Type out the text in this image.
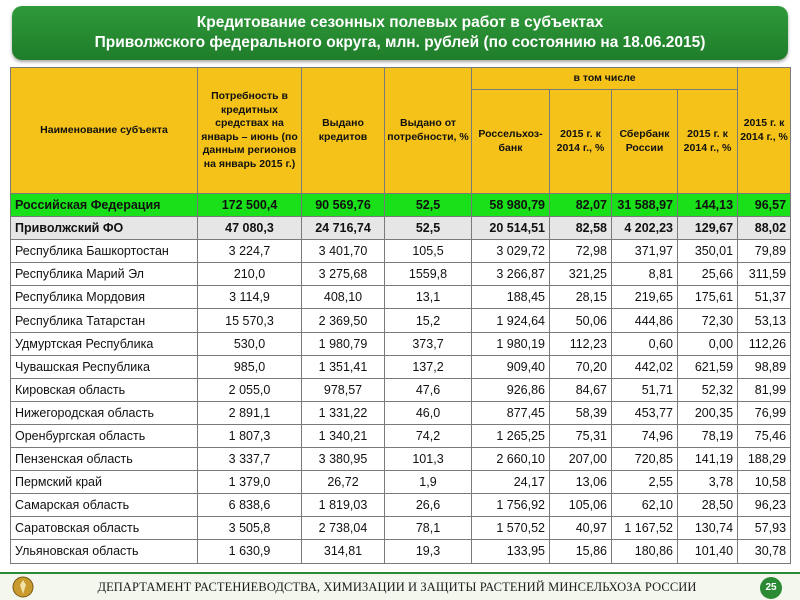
Кредитование сезонных полевых работ в субъектах
Приволжского федерального округа, млн. рублей (по состоянию на 18.06.2015)
Наименование субъекта	Потребность в кредитных средствах на январь – июнь (по данным регионов на январь 2015 г.)	Выдано кредитов	Выдано от потребности, %	в том числе				2015 г. к 2014 г., %
				Россельхоз-банк	2015 г. к 2014 г., %	Сбербанк России	2015 г. к 2014 г., %	
Российская Федерация	172 500,4	90 569,76	52,5	58 980,79	82,07	31 588,97	144,13	96,57
Приволжский ФО	47 080,3	24 716,74	52,5	20 514,51	82,58	4 202,23	129,67	88,02
Республика Башкортостан	3 224,7	3 401,70	105,5	3 029,72	72,98	371,97	350,01	79,89
Республика Марий Эл	210,0	3 275,68	1559,8	3 266,87	321,25	8,81	25,66	311,59
Республика Мордовия	3 114,9	408,10	13,1	188,45	28,15	219,65	175,61	51,37
Республика Татарстан	15 570,3	2 369,50	15,2	1 924,64	50,06	444,86	72,30	53,13
Удмуртская Республика	530,0	1 980,79	373,7	1 980,19	112,23	0,60	0,00	112,26
Чувашская Республика	985,0	1 351,41	137,2	909,40	70,20	442,02	621,59	98,89
Кировская область	2 055,0	978,57	47,6	926,86	84,67	51,71	52,32	81,99
Нижегородская область	2 891,1	1 331,22	46,0	877,45	58,39	453,77	200,35	76,99
Оренбургская область	1 807,3	1 340,21	74,2	1 265,25	75,31	74,96	78,19	75,46
Пензенская область	3 337,7	3 380,95	101,3	2 660,10	207,00	720,85	141,19	188,29
Пермский край	1 379,0	26,72	1,9	24,17	13,06	2,55	3,78	10,58
Самарская область	6 838,6	1 819,03	26,6	1 756,92	105,06	62,10	28,50	96,23
Саратовская область	3 505,8	2 738,04	78,1	1 570,52	40,97	1 167,52	130,74	57,93
Ульяновская область	1 630,9	314,81	19,3	133,95	15,86	180,86	101,40	30,78
ДЕПАРТАМЕНТ РАСТЕНИЕВОДСТВА, ХИМИЗАЦИИ И ЗАЩИТЫ РАСТЕНИЙ МИНСЕЛЬХОЗА РОССИИ	25
